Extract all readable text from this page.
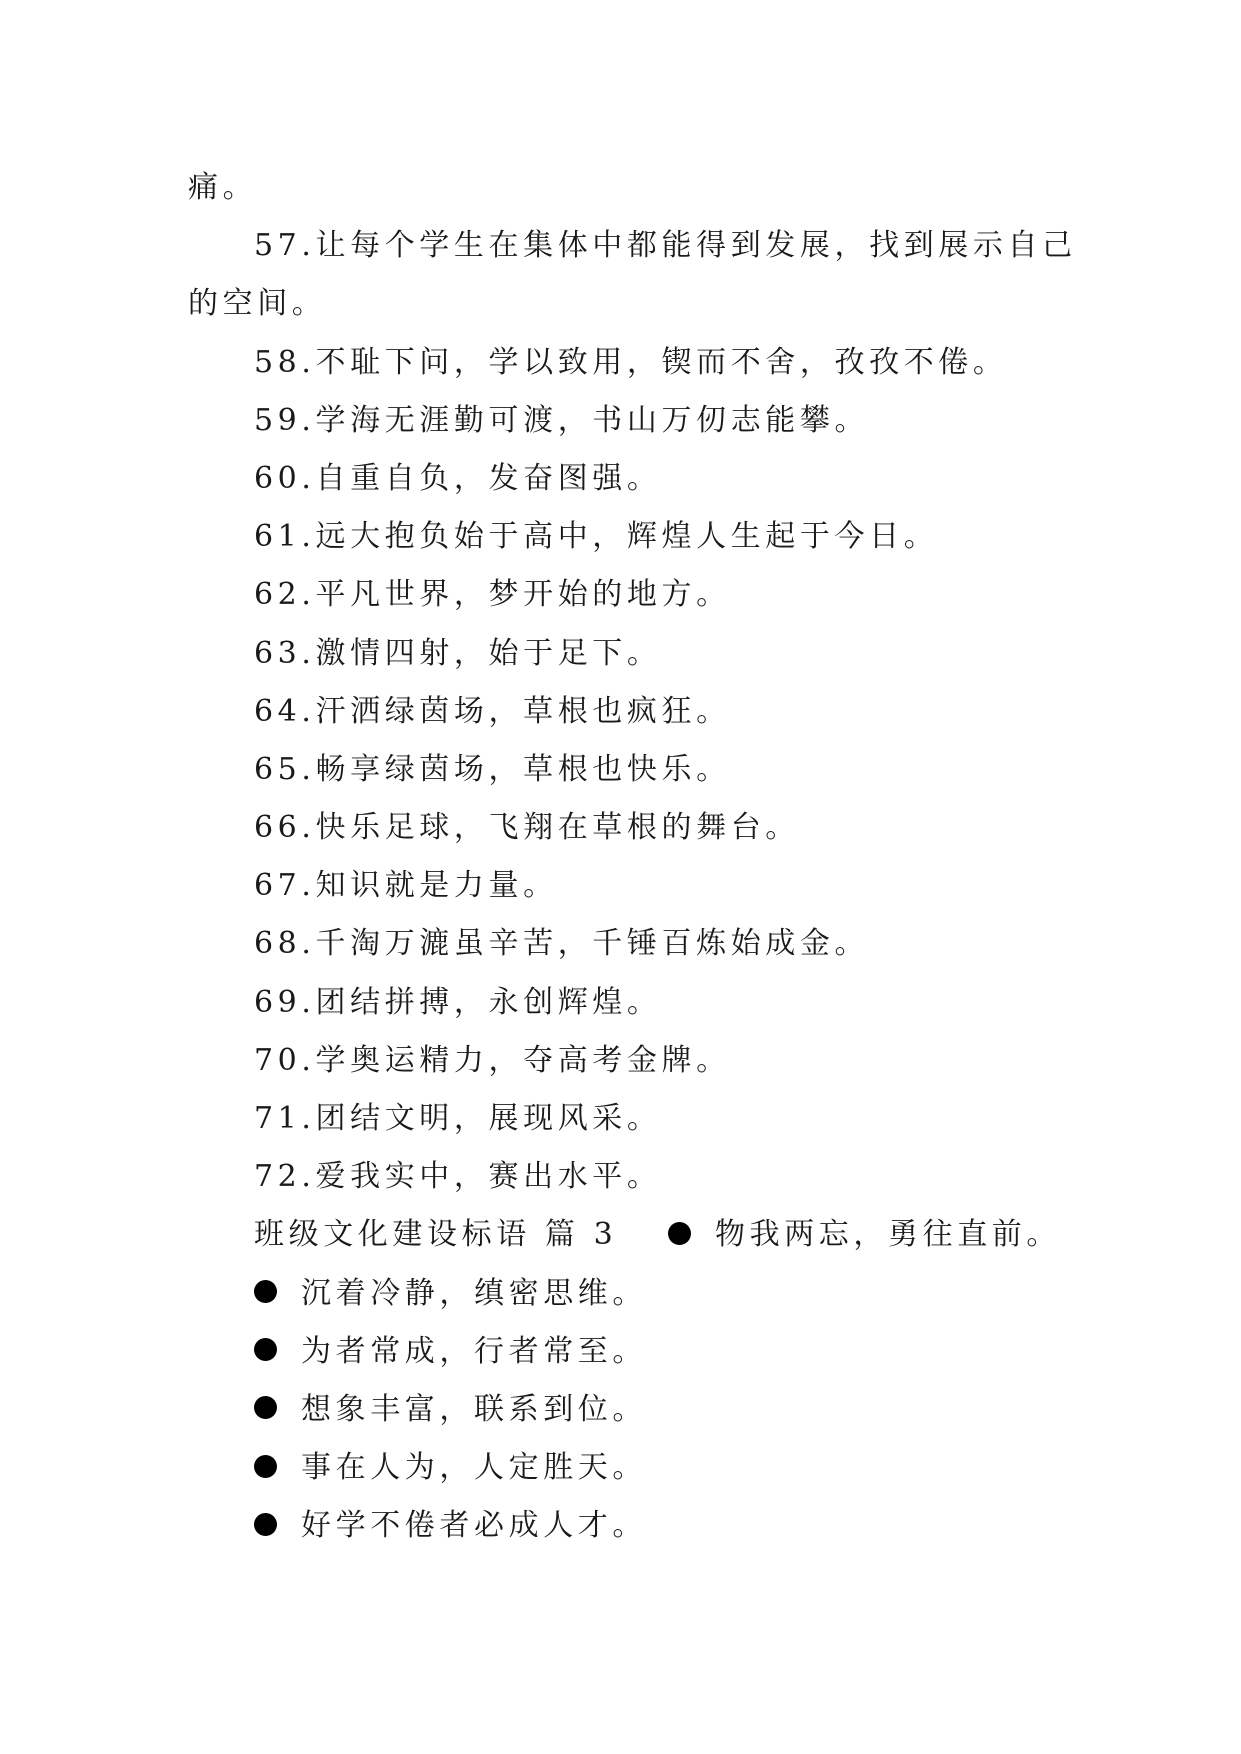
痛。
57.让每个学生在集体中都能得到发展，找到展示自己
的空间。
58.不耻下问，学以致用，锲而不舍，孜孜不倦。
59.学海无涯勤可渡，书山万仞志能攀。
60.自重自负，发奋图强。
61.远大抱负始于高中，辉煌人生起于今日。
62.平凡世界，梦开始的地方。
63.激情四射，始于足下。
64.汗洒绿茵场，草根也疯狂。
65.畅享绿茵场，草根也快乐。
66.快乐足球，飞翔在草根的舞台。
67.知识就是力量。
68.千淘万漉虽辛苦，千锤百炼始成金。
69.团结拼搏，永创辉煌。
70.学奥运精力，夺高考金牌。
71.团结文明，展现风采。
72.爱我实中，赛出水平。
班级文化建设标语 篇 3	物我两忘，勇往直前。
沉着冷静，缜密思维。
为者常成，行者常至。
想象丰富，联系到位。
事在人为，人定胜天。
好学不倦者必成人才。
